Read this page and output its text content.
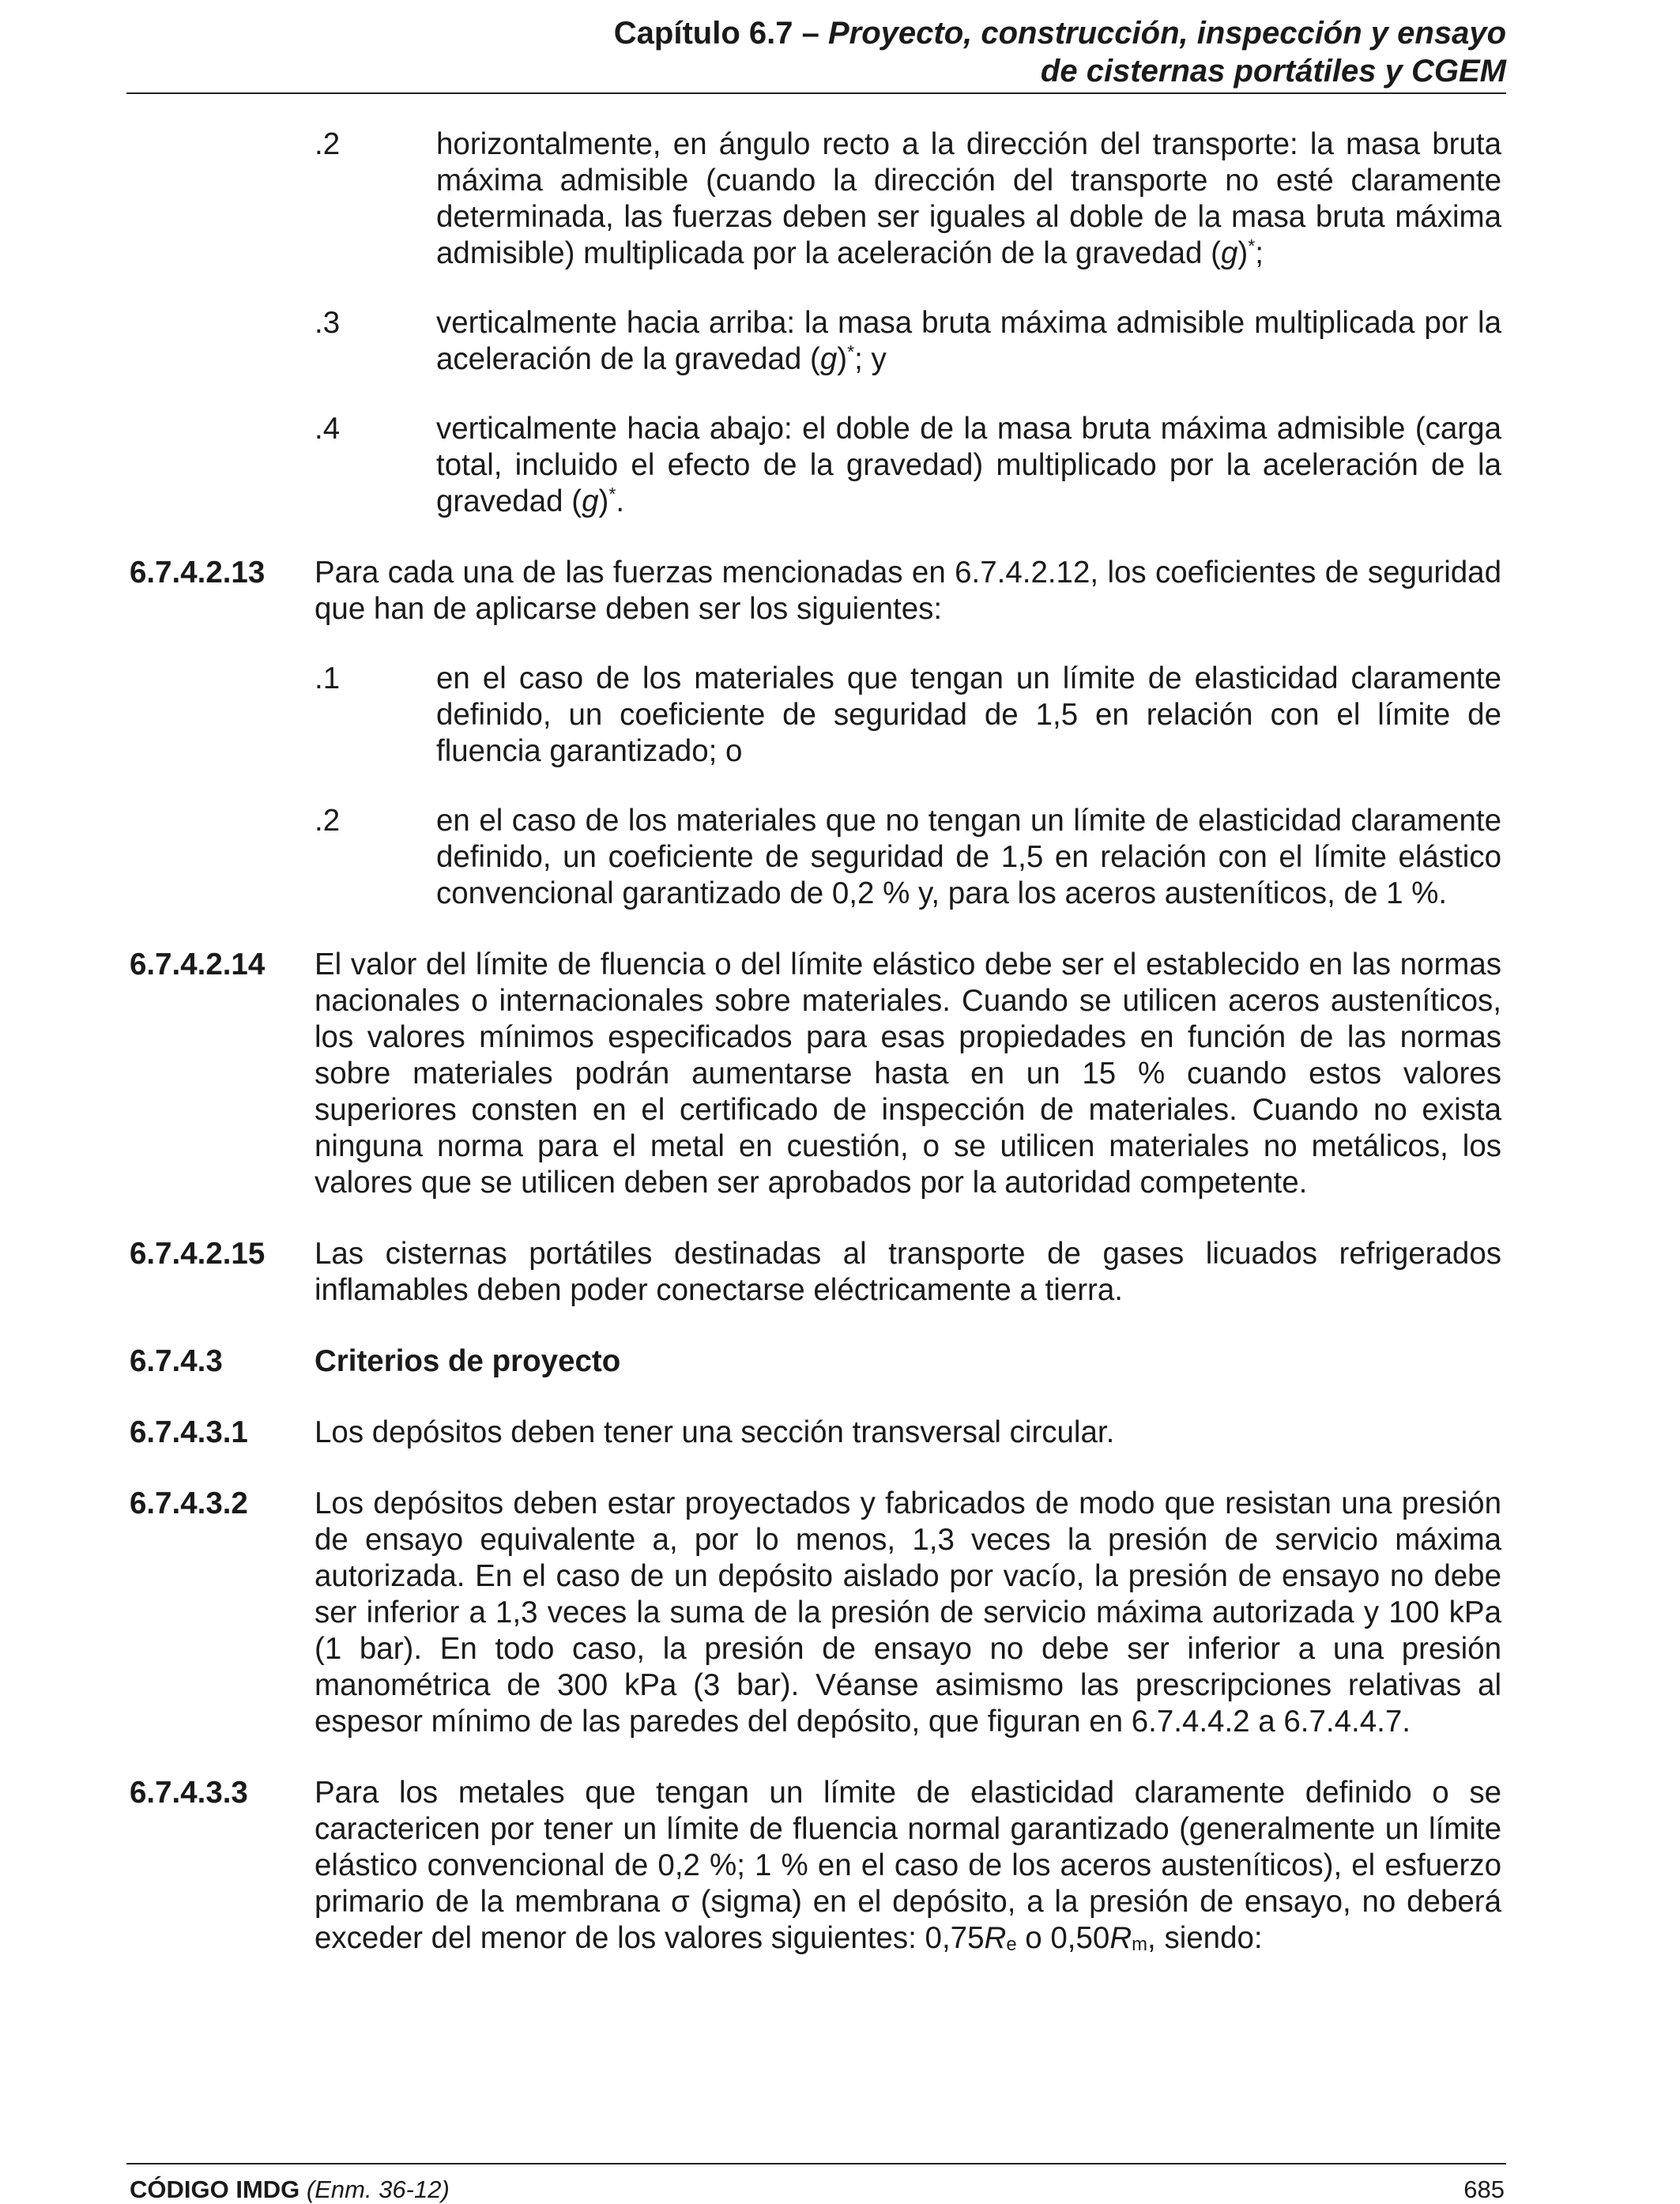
Capítulo 6.7 – Proyecto, construcción, inspección y ensayo
de cisternas portátiles y CGEM
.2	horizontalmente, en ángulo recto a la dirección del transporte: la masa bruta máxima admisible (cuando la dirección del transporte no esté claramente determinada, las fuerzas deben ser iguales al doble de la masa bruta máxima admisible) multiplicada por la aceleración de la gravedad (g)*;
.3	verticalmente hacia arriba: la masa bruta máxima admisible multiplicada por la aceleración de la gravedad (g)*; y
.4	verticalmente hacia abajo: el doble de la masa bruta máxima admisible (carga total, incluido el efecto de la gravedad) multiplicado por la aceleración de la gravedad (g)*.
6.7.4.2.13 Para cada una de las fuerzas mencionadas en 6.7.4.2.12, los coeficientes de seguridad que han de aplicarse deben ser los siguientes:
.1	en el caso de los materiales que tengan un límite de elasticidad claramente definido, un coeficiente de seguridad de 1,5 en relación con el límite de fluencia garantizado; o
.2	en el caso de los materiales que no tengan un límite de elasticidad claramente definido, un coeficiente de seguridad de 1,5 en relación con el límite elástico convencional garantizado de 0,2 % y, para los aceros austeníticos, de 1 %.
6.7.4.2.14 El valor del límite de fluencia o del límite elástico debe ser el establecido en las normas nacionales o internacionales sobre materiales. Cuando se utilicen aceros austeníticos, los valores mínimos especificados para esas propiedades en función de las normas sobre materiales podrán aumentarse hasta en un 15 % cuando estos valores superiores consten en el certificado de inspección de materiales. Cuando no exista ninguna norma para el metal en cuestión, o se utilicen materiales no metálicos, los valores que se utilicen deben ser aprobados por la autoridad competente.
6.7.4.2.15 Las cisternas portátiles destinadas al transporte de gases licuados refrigerados inflamables deben poder conectarse eléctricamente a tierra.
6.7.4.3	Criterios de proyecto
6.7.4.3.1 Los depósitos deben tener una sección transversal circular.
6.7.4.3.2 Los depósitos deben estar proyectados y fabricados de modo que resistan una presión de ensayo equivalente a, por lo menos, 1,3 veces la presión de servicio máxima autorizada. En el caso de un depósito aislado por vacío, la presión de ensayo no debe ser inferior a 1,3 veces la suma de la presión de servicio máxima autorizada y 100 kPa (1 bar). En todo caso, la presión de ensayo no debe ser inferior a una presión manométrica de 300 kPa (3 bar). Véanse asimismo las prescripciones relativas al espesor mínimo de las paredes del depósito, que figuran en 6.7.4.4.2 a 6.7.4.4.7.
6.7.4.3.3 Para los metales que tengan un límite de elasticidad claramente definido o se caractericen por tener un límite de fluencia normal garantizado (generalmente un límite elástico convencional de 0,2 %; 1 % en el caso de los aceros austeníticos), el esfuerzo primario de la membrana σ (sigma) en el depósito, a la presión de ensayo, no deberá exceder del menor de los valores siguientes: $0,75R_e$ o $0,50R_m$, siendo:
CÓDIGO IMDG (Enm. 36-12)	685
